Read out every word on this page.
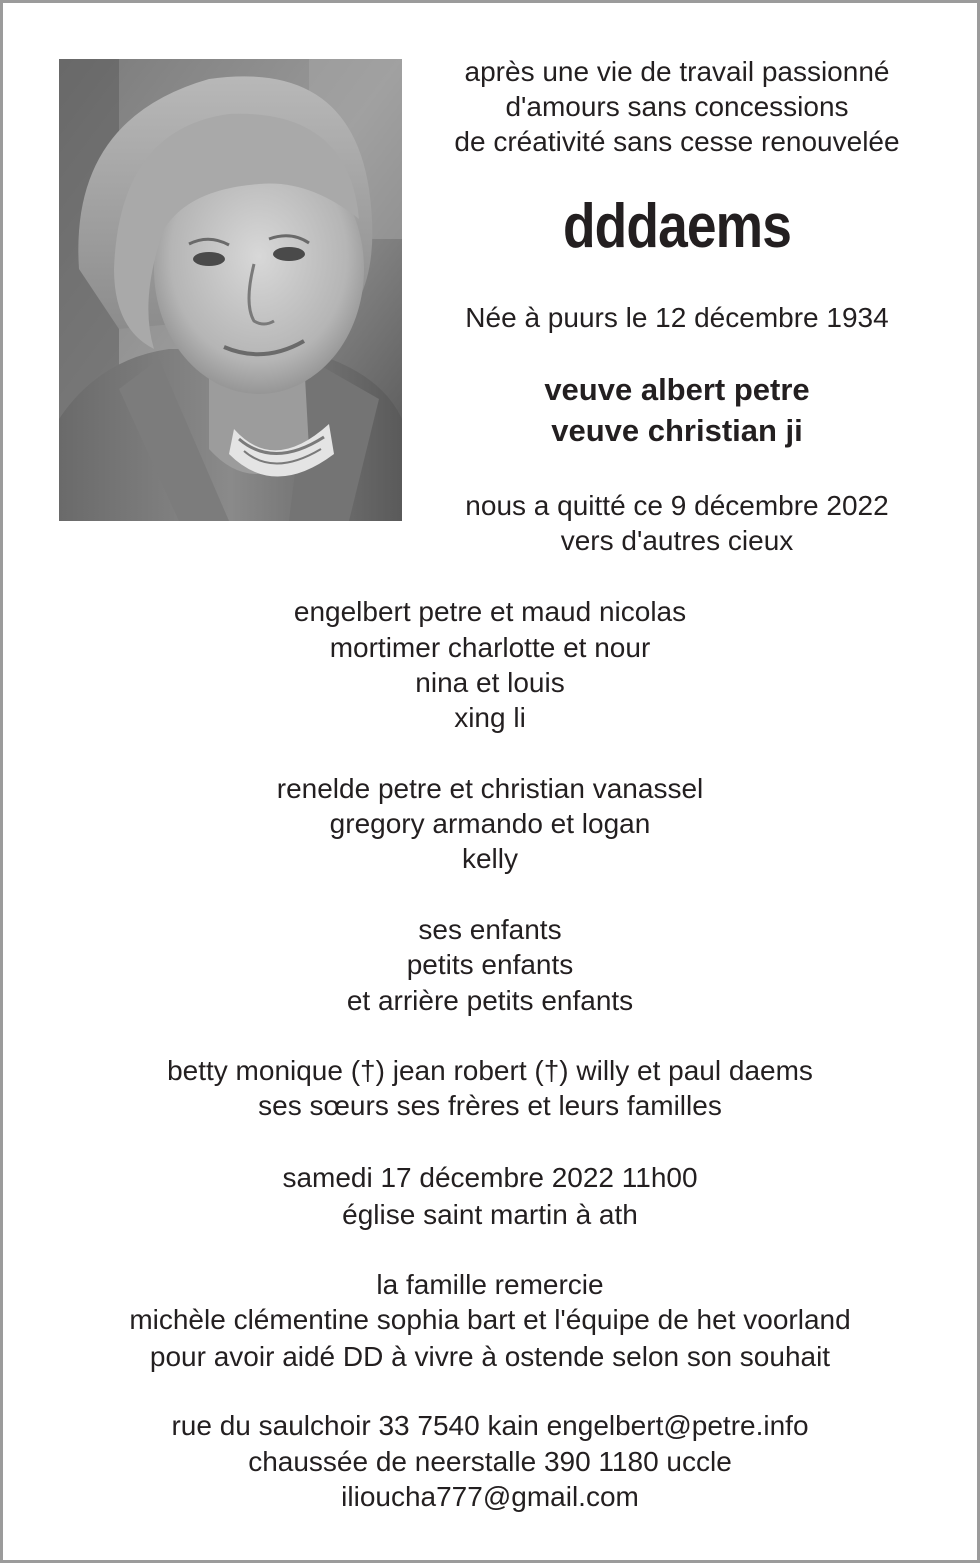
après une vie de travail passionné
d'amours sans concessions
de créativité sans cesse renouvelée
dddaems
Née à puurs le 12 décembre 1934
veuve albert petre
veuve christian ji
nous a quitté ce 9 décembre 2022
vers d'autres cieux
engelbert petre et maud nicolas
mortimer charlotte et nour
nina et louis
xing li
renelde petre et christian vanassel
gregory armando et logan
kelly
ses enfants
petits enfants
et arrière petits enfants
betty monique (†) jean robert (†) willy et paul daems
ses sœurs ses frères et leurs familles
samedi 17 décembre 2022 11h00
église saint martin à ath
la famille remercie
michèle clémentine sophia bart et l'équipe de het voorland
pour avoir aidé DD à vivre à ostende selon son souhait
rue du saulchoir 33 7540 kain engelbert@petre.info
chaussée de neerstalle 390 1180 uccle
ilioucha777@gmail.com
